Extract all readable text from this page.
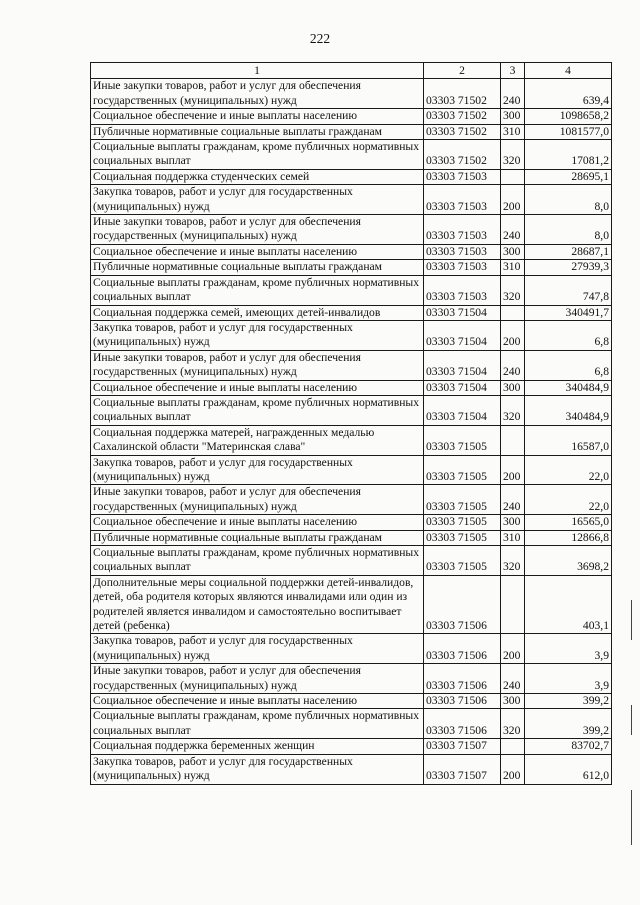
222
1	2	3	4
Иные закупки товаров, работ и услуг для обеспечения государственных (муниципальных) нужд	03303 71502	240	639,4
Социальное обеспечение и иные выплаты населению	03303 71502	300	1098658,2
Публичные нормативные социальные выплаты гражданам	03303 71502	310	1081577,0
Социальные выплаты гражданам, кроме публичных нормативных социальных выплат	03303 71502	320	17081,2
Социальная поддержка студенческих семей	03303 71503		28695,1
Закупка товаров, работ и услуг для государственных (муниципальных) нужд	03303 71503	200	8,0
Иные закупки товаров, работ и услуг для обеспечения государственных (муниципальных) нужд	03303 71503	240	8,0
Социальное обеспечение и иные выплаты населению	03303 71503	300	28687,1
Публичные нормативные социальные выплаты гражданам	03303 71503	310	27939,3
Социальные выплаты гражданам, кроме публичных нормативных социальных выплат	03303 71503	320	747,8
Социальная поддержка семей, имеющих детей-инвалидов	03303 71504		340491,7
Закупка товаров, работ и услуг для государственных (муниципальных) нужд	03303 71504	200	6,8
Иные закупки товаров, работ и услуг для обеспечения государственных (муниципальных) нужд	03303 71504	240	6,8
Социальное обеспечение и иные выплаты населению	03303 71504	300	340484,9
Социальные выплаты гражданам, кроме публичных нормативных социальных выплат	03303 71504	320	340484,9
Социальная поддержка матерей, награжденных медалью Сахалинской области "Материнская слава"	03303 71505		16587,0
Закупка товаров, работ и услуг для государственных (муниципальных) нужд	03303 71505	200	22,0
Иные закупки товаров, работ и услуг для обеспечения государственных (муниципальных) нужд	03303 71505	240	22,0
Социальное обеспечение и иные выплаты населению	03303 71505	300	16565,0
Публичные нормативные социальные выплаты гражданам	03303 71505	310	12866,8
Социальные выплаты гражданам, кроме публичных нормативных социальных выплат	03303 71505	320	3698,2
Дополнительные меры социальной поддержки детей-инвалидов, детей, оба родителя которых являются инвалидами или один из родителей является инвалидом и самостоятельно воспитывает детей (ребенка)	03303 71506		403,1
Закупка товаров, работ и услуг для государственных (муниципальных) нужд	03303 71506	200	3,9
Иные закупки товаров, работ и услуг для обеспечения государственных (муниципальных) нужд	03303 71506	240	3,9
Социальное обеспечение и иные выплаты населению	03303 71506	300	399,2
Социальные выплаты гражданам, кроме публичных нормативных социальных выплат	03303 71506	320	399,2
Социальная поддержка беременных женщин	03303 71507		83702,7
Закупка товаров, работ и услуг для государственных (муниципальных) нужд	03303 71507	200	612,0
